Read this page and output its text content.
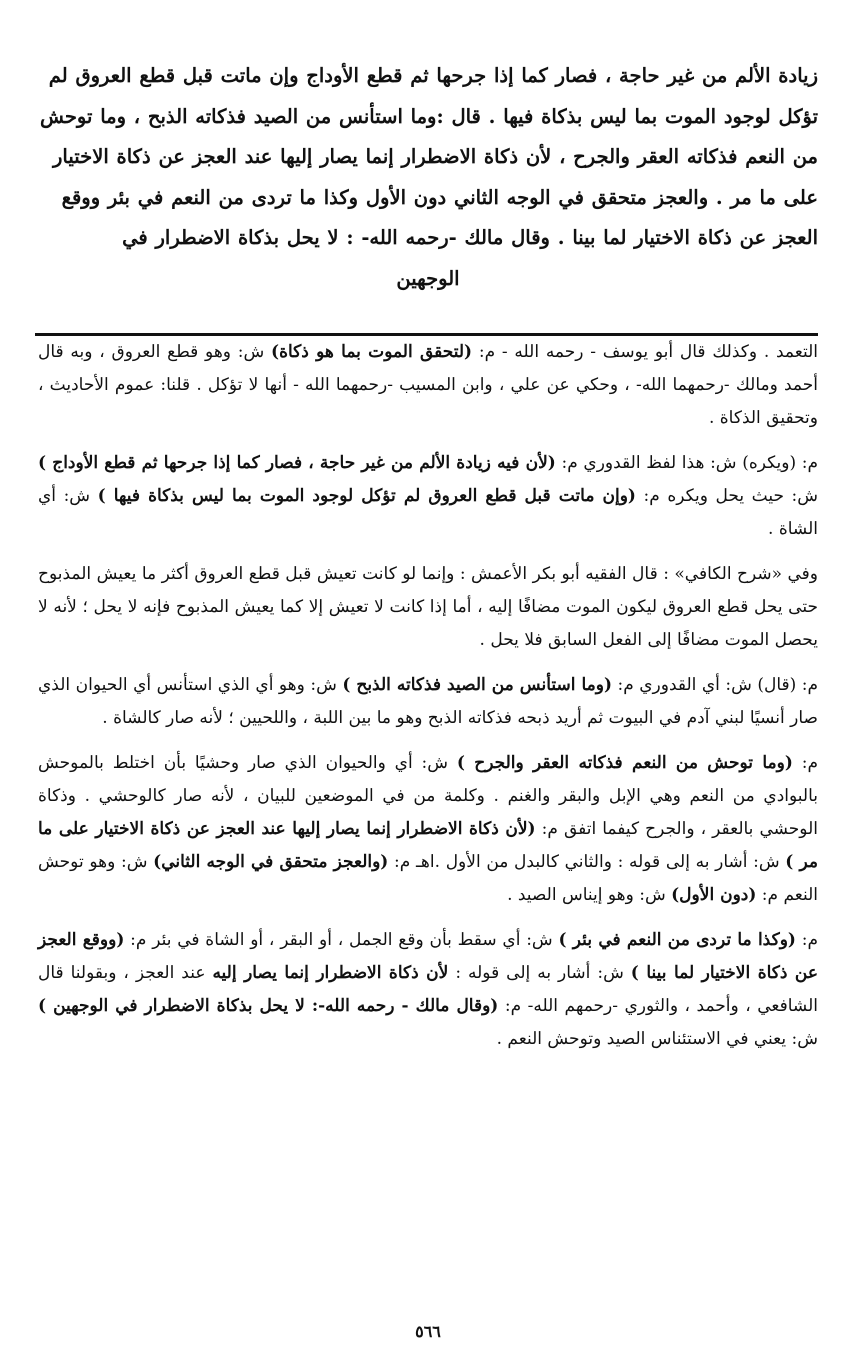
زيادة الألم من غير حاجة ، فصار كما إذا جرحها ثم قطع الأوداج وإن ماتت قبل قطع العروق لم
تؤكل لوجود الموت بما ليس بذكاة فيها . قال :وما استأنس من الصيد فذكاته الذبح ، وما توحش
من النعم فذكاته العقر والجرح ، لأن ذكاة الاضطرار إنما يصار إليها عند العجز عن ذكاة الاختيار
على ما مر . والعجز متحقق في الوجه الثاني دون الأول وكذا ما تردى من النعم في بئر ووقع
العجز عن ذكاة الاختيار لما بينا . وقال مالك -رحمه الله- : لا يحل بذكاة الاضطرار في
الوجهين

التعمد . وكذلك قال أبو يوسف - رحمه الله - م: (لتحقق الموت بما هو ذكاة) ش: وهو قطع العروق ، وبه قال أحمد ومالك -رحمهما الله- ، وحكي عن علي ، وابن المسيب -رحمهما الله - أنها لا تؤكل . قلنا: عموم الأحاديث ، وتحقيق الذكاة .

م: (ويكره) ش: هذا لفظ القدوري م: (لأن فيه زيادة الألم من غير حاجة ، فصار كما إذا جرحها ثم قطع الأوداج ) ش: حيث يحل ويكره م: (وإن ماتت قبل قطع العروق لم تؤكل لوجود الموت بما ليس بذكاة فيها ) ش: أي الشاة .

وفي «شرح الكافي» : قال الفقيه أبو بكر الأعمش : وإنما لو كانت تعيش قبل قطع العروق أكثر ما يعيش المذبوح حتى يحل قطع العروق ليكون الموت مضافًا إليه ، أما إذا كانت لا تعيش إلا كما يعيش المذبوح فإنه لا يحل ؛ لأنه لا يحصل الموت مضافًا إلى الفعل السابق فلا يحل .

م: (قال) ش: أي القدوري م: (وما استأنس من الصيد فذكاته الذبح ) ش: وهو أي الذي استأنس أي الحيوان الذي صار أنسيًا لبني آدم في البيوت ثم أريد ذبحه فذكاته الذبح وهو ما بين اللبة ، واللحيين ؛ لأنه صار كالشاة .

م: (وما توحش من النعم فذكاته العقر والجرح ) ش: أي والحيوان الذي صار وحشيًا بأن اختلط بالموحش بالبوادي من النعم وهي الإبل والبقر والغنم . وكلمة من في الموضعين للبيان ، لأنه صار كالوحشي . وذكاة الوحشي بالعقر ، والجرح كيفما اتفق م: (لأن ذكاة الاضطرار إنما يصار إليها عند العجز عن ذكاة الاختيار على ما مر ) ش: أشار به إلى قوله : والثاني كالبدل من الأول .اهـ م: (والعجز متحقق في الوجه الثاني) ش: وهو توحش النعم م: (دون الأول) ش: وهو إيناس الصيد .

م: (وكذا ما تردى من النعم في بئر ) ش: أي سقط بأن وقع الجمل ، أو البقر ، أو الشاة في بئر م: (ووقع العجز عن ذكاة الاختيار لما بينا ) ش: أشار به إلى قوله : لأن ذكاة الاضطرار إنما يصار إليه عند العجز ، وبقولنا قال الشافعي ، وأحمد ، والثوري -رحمهم الله- م: (وقال مالك - رحمه الله-: لا يحل بذكاة الاضطرار في الوجهين ) ش: يعني في الاستئناس الصيد وتوحش النعم .

٥٦٦
